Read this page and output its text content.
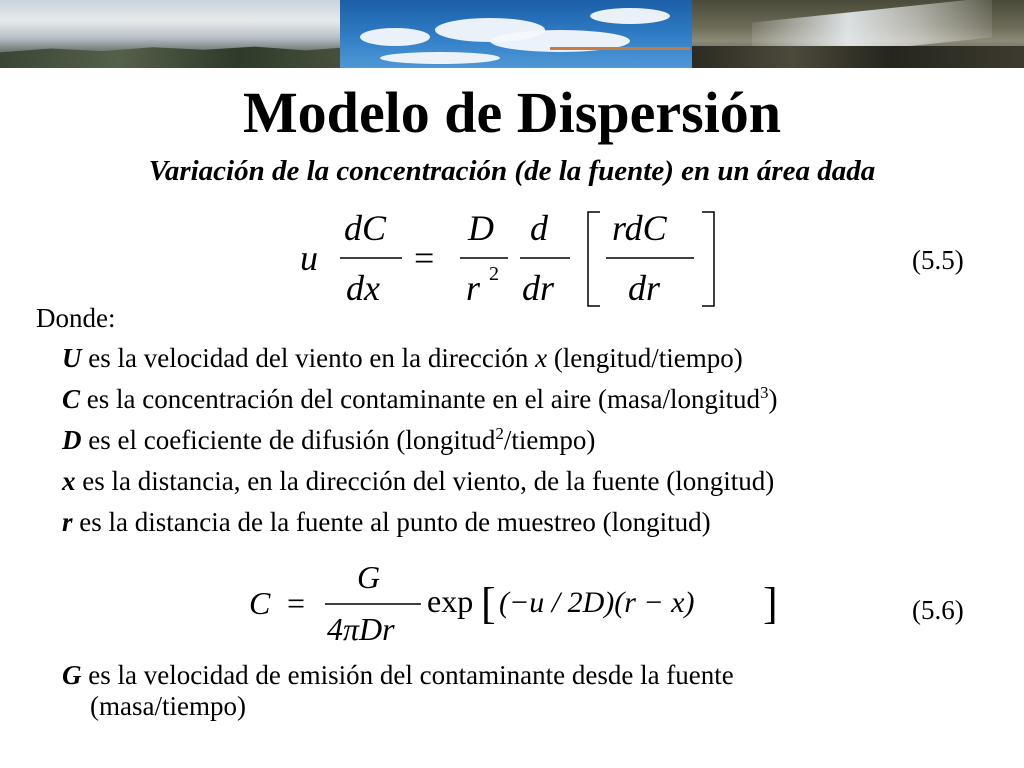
Modelo de Dispersión

Variación de la concentración (de la fuente) en un área dada

u
dC
dx
D
r
d
dr
rdC
dr
2
=	(5.5)
Donde:
U es la velocidad del viento en la dirección x (lengitud/tiempo)
C es la concentración del contaminante en el aire (masa/longitud$^3$)
D es el coeficiente de difusión (longitud$^2$/tiempo)
x es la distancia, en la dirección del viento, de la fuente (longitud)
r es la distancia de la fuente al punto de muestreo (longitud)
C =
G
4πDr
exp [ (−u / 2D)(r − x) ]	(5.6)
G es la velocidad de emisión del contaminante desde la fuente
(masa/tiempo)
